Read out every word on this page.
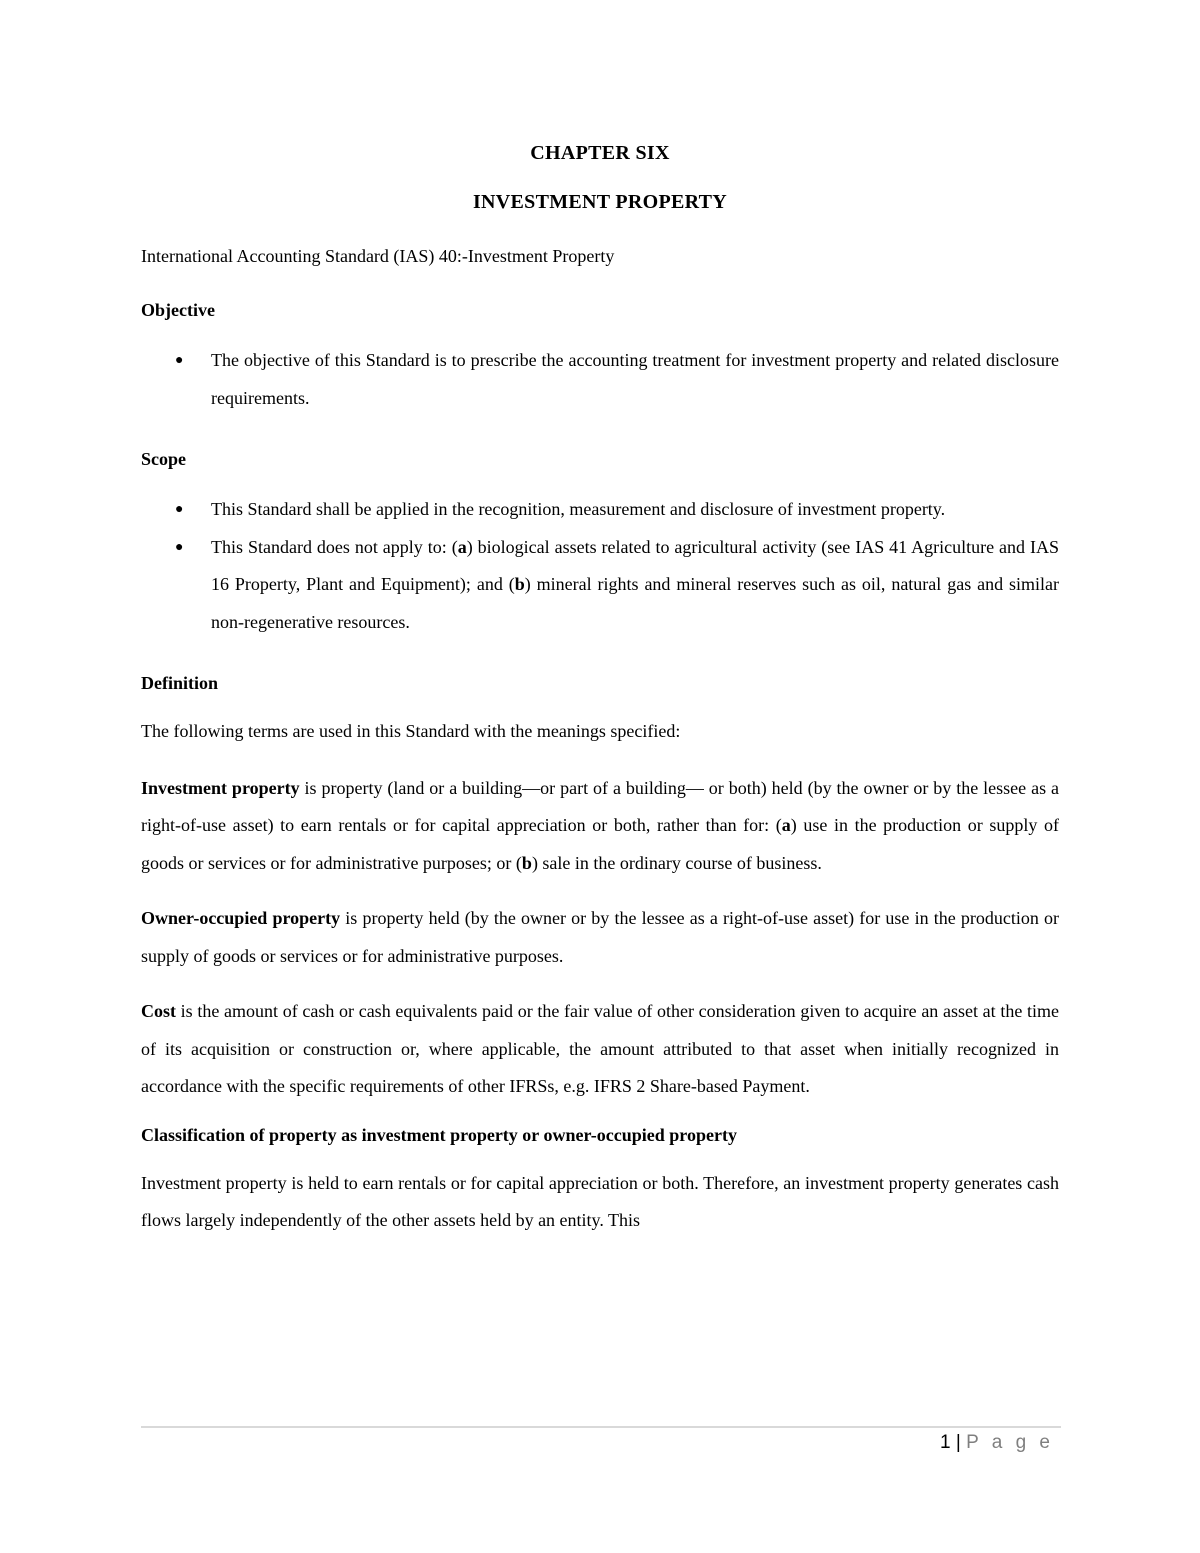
CHAPTER SIX
INVESTMENT PROPERTY

International Accounting Standard (IAS) 40:-Investment Property

Objective

● The objective of this Standard is to prescribe the accounting treatment for investment property and related disclosure requirements.

Scope

● This Standard shall be applied in the recognition, measurement and disclosure of investment property.
● This Standard does not apply to: (a) biological assets related to agricultural activity (see IAS 41 Agriculture and IAS 16 Property, Plant and Equipment); and (b) mineral rights and mineral reserves such as oil, natural gas and similar non-regenerative resources.

Definition

The following terms are used in this Standard with the meanings specified:

Investment property is property (land or a building—or part of a building— or both) held (by the owner or by the lessee as a right-of-use asset) to earn rentals or for capital appreciation or both, rather than for: (a) use in the production or supply of goods or services or for administrative purposes; or (b) sale in the ordinary course of business.

Owner-occupied property is property held (by the owner or by the lessee as a right-of-use asset) for use in the production or supply of goods or services or for administrative purposes.

Cost is the amount of cash or cash equivalents paid or the fair value of other consideration given to acquire an asset at the time of its acquisition or construction or, where applicable, the amount attributed to that asset when initially recognized in accordance with the specific requirements of other IFRSs, e.g. IFRS 2 Share-based Payment.

Classification of property as investment property or owner-occupied property

Investment property is held to earn rentals or for capital appreciation or both. Therefore, an investment property generates cash flows largely independently of the other assets held by an entity. This

1 | P a g e
